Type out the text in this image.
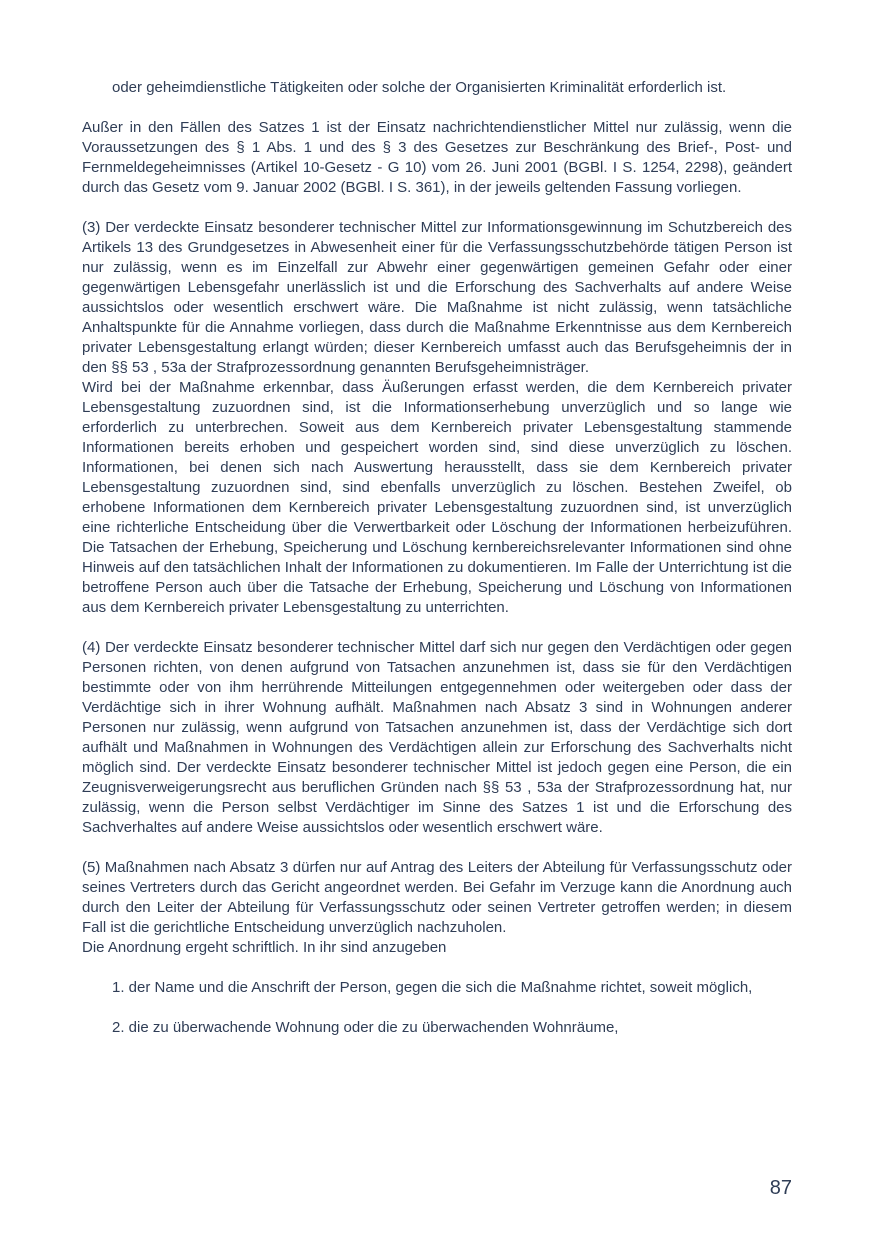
oder geheimdienstliche Tätigkeiten oder solche der Organisierten Kriminalität erforderlich ist.

Außer in den Fällen des Satzes 1 ist der Einsatz nachrichtendienstlicher Mittel nur zulässig, wenn die Voraussetzungen des § 1 Abs. 1 und des § 3 des Gesetzes zur Beschränkung des Brief-, Post- und Fernmeldegeheimnisses (Artikel 10-Gesetz - G 10) vom 26. Juni 2001 (BGBl. I S. 1254, 2298), geändert durch das Gesetz vom 9. Januar 2002 (BGBl. I S. 361), in der jeweils geltenden Fassung vorliegen.

(3) Der verdeckte Einsatz besonderer technischer Mittel zur Informationsgewinnung im Schutzbereich des Artikels 13 des Grundgesetzes in Abwesenheit einer für die Verfassungsschutzbehörde tätigen Person ist nur zulässig, wenn es im Einzelfall zur Abwehr einer gegenwärtigen gemeinen Gefahr oder einer gegenwärtigen Lebensgefahr unerlässlich ist und die Erforschung des Sachverhalts auf andere Weise aussichtslos oder wesentlich erschwert wäre. Die Maßnahme ist nicht zulässig, wenn tatsächliche Anhaltspunkte für die Annahme vorliegen, dass durch die Maßnahme Erkenntnisse aus dem Kernbereich privater Lebensgestaltung erlangt würden; dieser Kernbereich umfasst auch das Berufsgeheimnis der in den §§ 53 , 53a der Strafprozessordnung genannten Berufsgeheimnisträger.

Wird bei der Maßnahme erkennbar, dass Äußerungen erfasst werden, die dem Kernbereich privater Lebensgestaltung zuzuordnen sind, ist die Informationserhebung unverzüglich und so lange wie erforderlich zu unterbrechen. Soweit aus dem Kernbereich privater Lebensgestaltung stammende Informationen bereits erhoben und gespeichert worden sind, sind diese unverzüglich zu löschen. Informationen, bei denen sich nach Auswertung herausstellt, dass sie dem Kernbereich privater Lebensgestaltung zuzuordnen sind, sind ebenfalls unverzüglich zu löschen. Bestehen Zweifel, ob erhobene Informationen dem Kernbereich privater Lebensgestaltung zuzuordnen sind, ist unverzüglich eine richterliche Entscheidung über die Verwertbarkeit oder Löschung der Informationen herbeizuführen. Die Tatsachen der Erhebung, Speicherung und Löschung kernbereichsrelevanter Informationen sind ohne Hinweis auf den tatsächlichen Inhalt der Informationen zu dokumentieren. Im Falle der Unterrichtung ist die betroffene Person auch über die Tatsache der Erhebung, Speicherung und Löschung von Informationen aus dem Kernbereich privater Lebensgestaltung zu unterrichten.

(4) Der verdeckte Einsatz besonderer technischer Mittel darf sich nur gegen den Verdächtigen oder gegen Personen richten, von denen aufgrund von Tatsachen anzunehmen ist, dass sie für den Verdächtigen bestimmte oder von ihm herrührende Mitteilungen entgegennehmen oder weitergeben oder dass der Verdächtige sich in ihrer Wohnung aufhält. Maßnahmen nach Absatz 3 sind in Wohnungen anderer Personen nur zulässig, wenn aufgrund von Tatsachen anzunehmen ist, dass der Verdächtige sich dort aufhält und Maßnahmen in Wohnungen des Verdächtigen allein zur Erforschung des Sachverhalts nicht möglich sind. Der verdeckte Einsatz besonderer technischer Mittel ist jedoch gegen eine Person, die ein Zeugnisverweigerungsrecht aus beruflichen Gründen nach §§ 53 , 53a der Strafprozessordnung hat, nur zulässig, wenn die Person selbst Verdächtiger im Sinne des Satzes 1 ist und die Erforschung des Sachverhaltes auf andere Weise aussichtslos oder wesentlich erschwert wäre.

(5) Maßnahmen nach Absatz 3 dürfen nur auf Antrag des Leiters der Abteilung für Verfassungsschutz oder seines Vertreters durch das Gericht angeordnet werden. Bei Gefahr im Verzuge kann die Anordnung auch durch den Leiter der Abteilung für Verfassungsschutz oder seinen Vertreter getroffen werden; in diesem Fall ist die gerichtliche Entscheidung unverzüglich nachzuholen.

Die Anordnung ergeht schriftlich. In ihr sind anzugeben

1. der Name und die Anschrift der Person, gegen die sich die Maßnahme richtet, soweit möglich,

2. die zu überwachende Wohnung oder die zu überwachenden Wohnräume,

87
